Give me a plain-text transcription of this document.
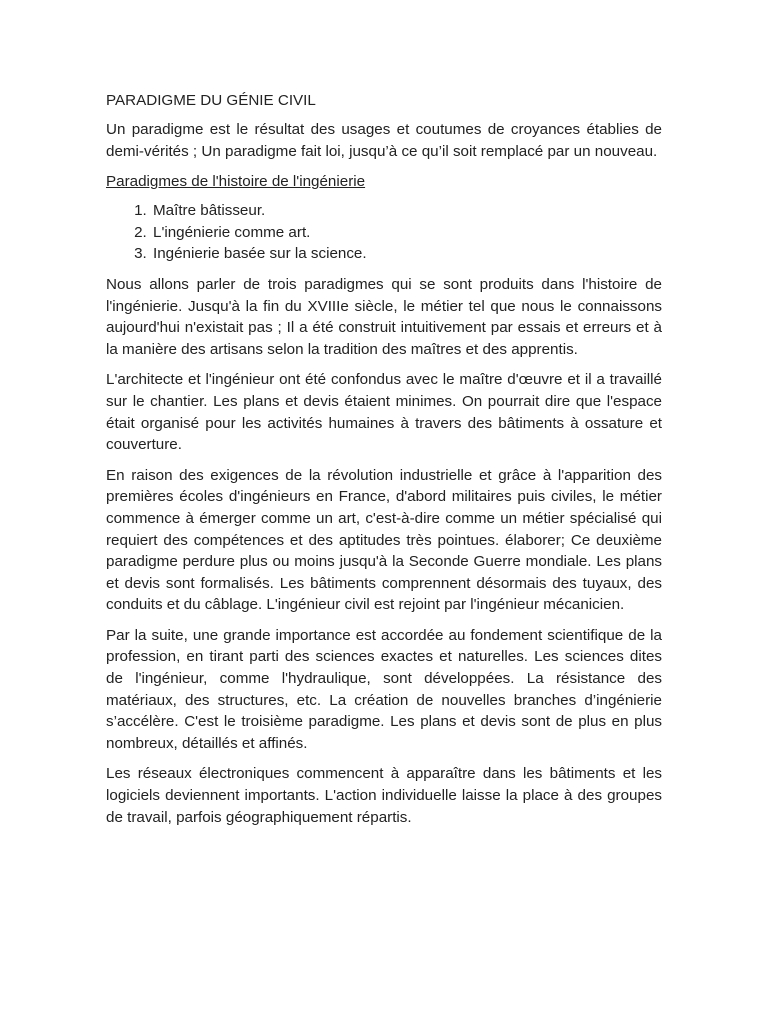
PARADIGME DU GÉNIE CIVIL

Un paradigme est le résultat des usages et coutumes de croyances établies de demi-vérités ; Un paradigme fait loi, jusqu’à ce qu’il soit remplacé par un nouveau.

Paradigmes de l'histoire de l'ingénierie
1. Maître bâtisseur.
2. L'ingénierie comme art.
3. Ingénierie basée sur la science.

Nous allons parler de trois paradigmes qui se sont produits dans l'histoire de l'ingénierie. Jusqu'à la fin du XVIIIe siècle, le métier tel que nous le connaissons aujourd'hui n'existait pas ; Il a été construit intuitivement par essais et erreurs et à la manière des artisans selon la tradition des maîtres et des apprentis.

L'architecte et l'ingénieur ont été confondus avec le maître d'œuvre et il a travaillé sur le chantier. Les plans et devis étaient minimes. On pourrait dire que l'espace était organisé pour les activités humaines à travers des bâtiments à ossature et couverture.

En raison des exigences de la révolution industrielle et grâce à l'apparition des premières écoles d'ingénieurs en France, d'abord militaires puis civiles, le métier commence à émerger comme un art, c'est-à-dire comme un métier spécialisé qui requiert des compétences et des aptitudes très pointues. élaborer; Ce deuxième paradigme perdure plus ou moins jusqu'à la Seconde Guerre mondiale. Les plans et devis sont formalisés. Les bâtiments comprennent désormais des tuyaux, des conduits et du câblage. L'ingénieur civil est rejoint par l'ingénieur mécanicien.

Par la suite, une grande importance est accordée au fondement scientifique de la profession, en tirant parti des sciences exactes et naturelles. Les sciences dites de l'ingénieur, comme l'hydraulique, sont développées. La résistance des matériaux, des structures, etc. La création de nouvelles branches d’ingénierie s’accélère. C'est le troisième paradigme. Les plans et devis sont de plus en plus nombreux, détaillés et affinés.

Les réseaux électroniques commencent à apparaître dans les bâtiments et les logiciels deviennent importants. L'action individuelle laisse la place à des groupes de travail, parfois géographiquement répartis.
